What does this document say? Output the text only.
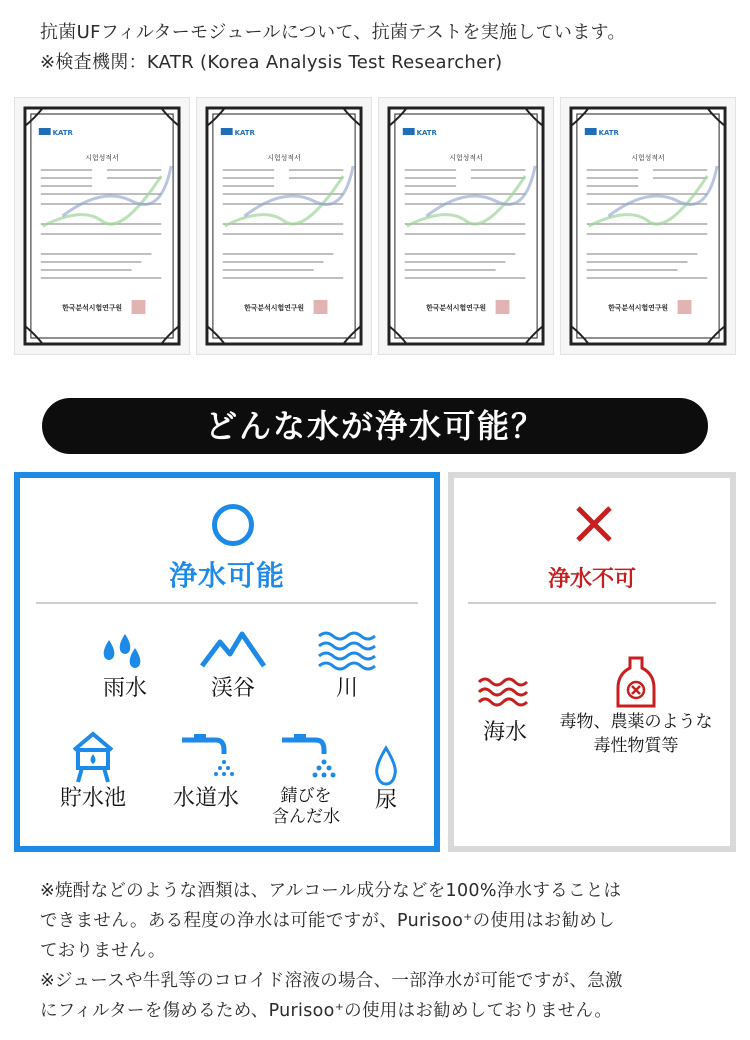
抗菌UFフィルターモジュールについて、抗菌テストを実施しています。
※検査機関：KATR (Korea Analysis Test Researcher)
KATR
시험성적서
한국분석시험연구원
KATR
시험성적서
한국분석시험연구원
KATR
시험성적서
한국분석시험연구원
KATR
시험성적서
한국분석시험연구원
どんな水が浄水可能？
浄水可能
雨水	渓谷	川
貯水池	水道水	錆びを
含んだ水
尿
浄水不可
海水	毒物、農薬のような
毒性物質等
※焼酎などのような酒類は、アルコール成分などを100%浄水することは
できません。ある程度の浄水は可能ですが、Purisoo⁺の使用はお勧めし
ておりません。
※ジュースや牛乳等のコロイド溶液の場合、一部浄水が可能ですが、急激
にフィルターを傷めるため、Purisoo⁺の使用はお勧めしておりません。
